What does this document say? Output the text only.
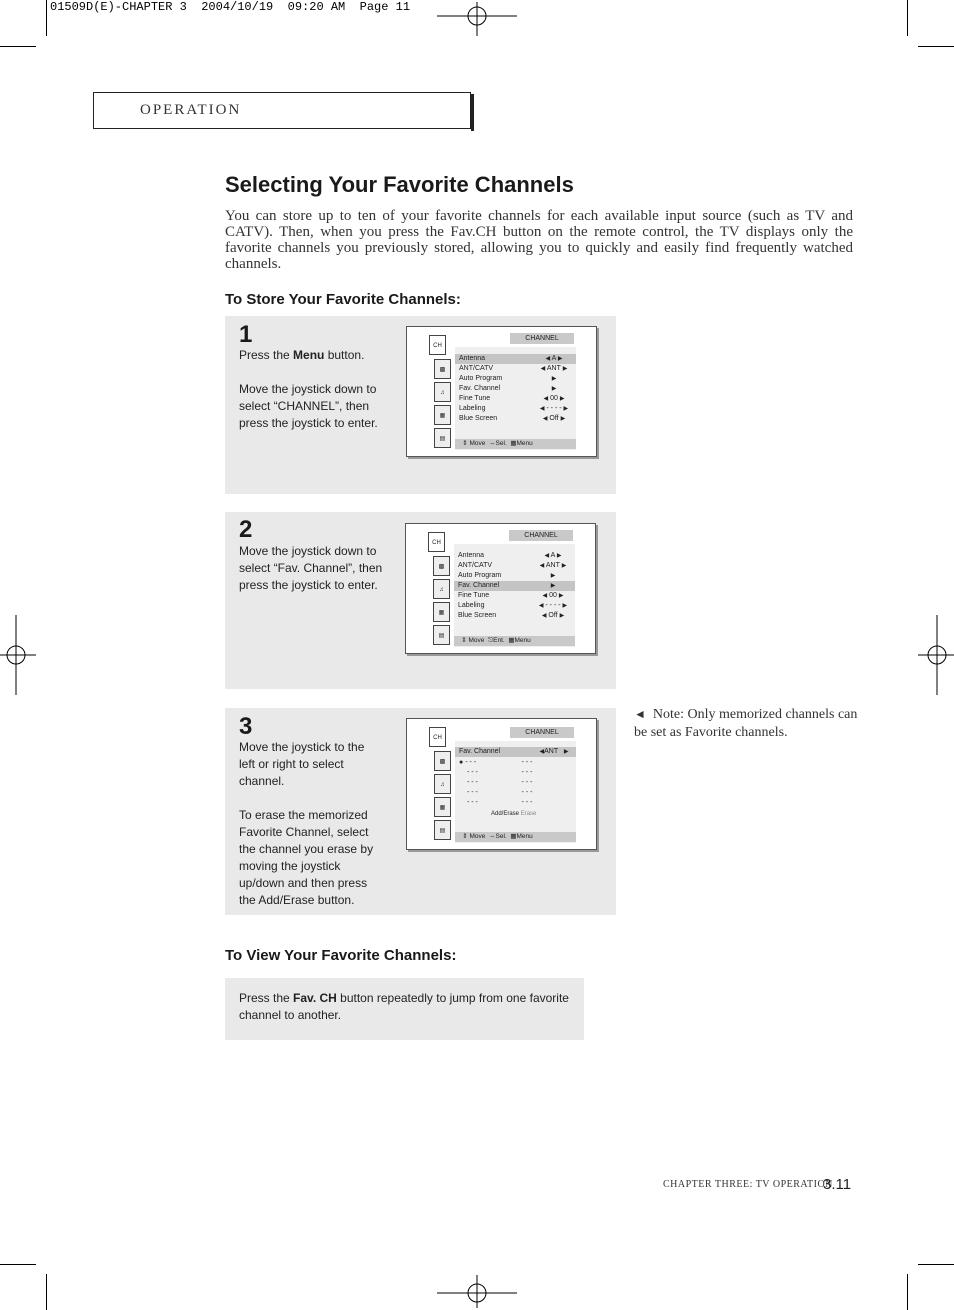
01509D(E)-CHAPTER 3  2004/10/19  09:20 AM  Page 11
OPERATION
Selecting Your Favorite Channels
You can store up to ten of your favorite channels for each available input source (such as TV and CATV). Then, when you press the Fav.CH button on the remote control, the TV displays only the favorite channels you previously stored, allowing you to quickly and easily find frequently watched channels.
To Store Your Favorite Channels:
1
Press the Menu button.
Move the joystick down to select “CHANNEL”, then press the joystick to enter.
CH
▩
♫
▦
▤
CHANNEL
Antenna	◀ A ▶
ANT/CATV	◀ ANT ▶
Auto Program	▶
Fav. Channel	▶
Fine Tune	◀ 00 ▶
Labeling	◀ - - - - ▶
Blue Screen	◀ Off ▶
⇕ Move  ⇔Sel.  ▦Menu
2
Move the joystick down to select “Fav. Channel”, then press the joystick to enter.
CH
▩
♫
▦
▤
CHANNEL
Antenna	◀ A ▶
ANT/CATV	◀ ANT ▶
Auto Program	▶
Fav. Channel	▶
Fine Tune	◀ 00 ▶
Labeling	◀ - - - - ▶
Blue Screen	◀ Off ▶
⇕ Move  ⎋Ent.  ▦Menu
3
Move the joystick to the left or right to select channel.
To erase the memorized Favorite Channel, select the channel you erase by moving the joystick up/down and then press the Add/Erase button.
CH
▩
♫
▦
▤
CHANNEL
Fav. Channel	◀ANT ▶
● - - -	- - -
- - -	- - -
- - -	- - -
- - -	- - -
- - -	- - -
Add/Erase Erase
⇕ Move  ⇔Sel.  ▦Menu
◄ Note: Only memorized channels can be set as Favorite channels.
To View Your Favorite Channels:
Press the Fav. CH button repeatedly to jump from one favorite channel to another.
CHAPTER THREE: TV OPERATION
3.11
